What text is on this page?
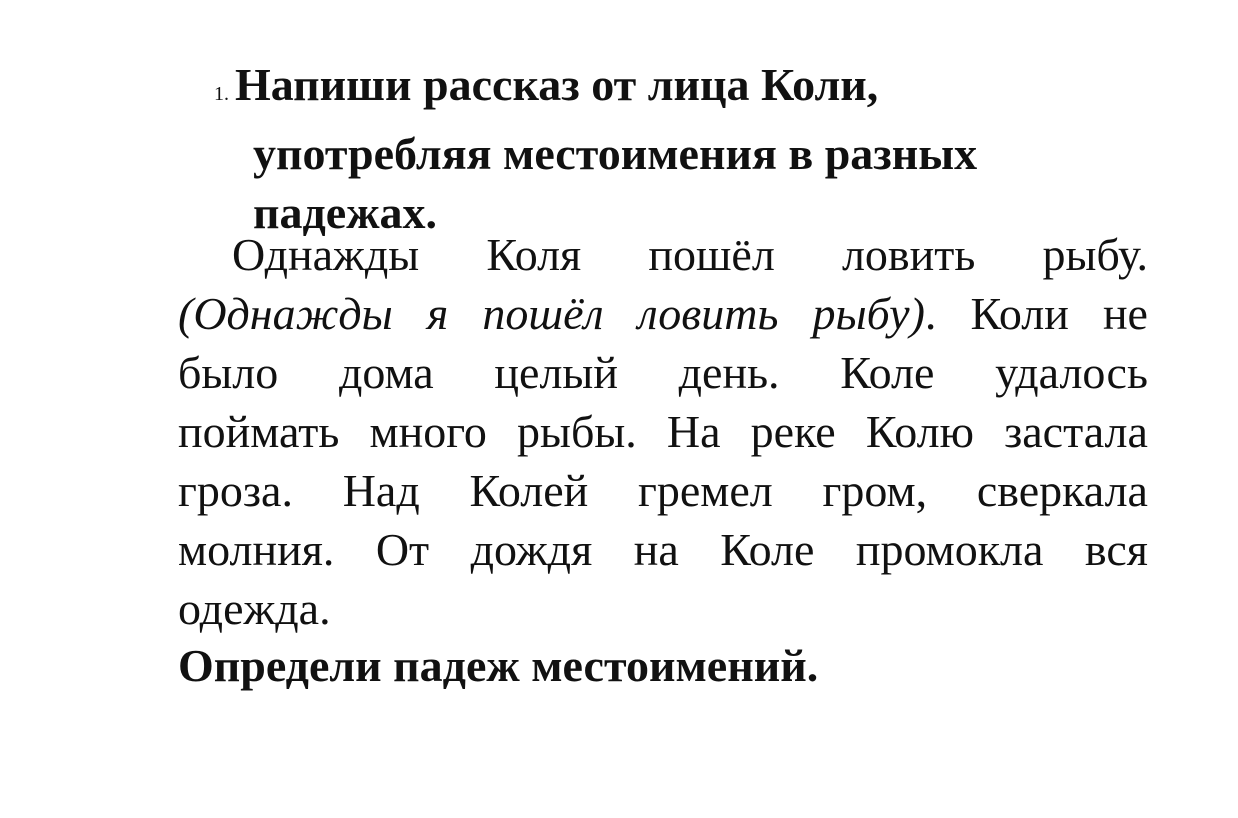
1. Напиши рассказ от лица Коли,
употребляя местоимения в разных
падежах.
Однажды Коля пошёл ловить рыбу.
(Однажды я пошёл ловить рыбу). Коли не
было дома целый день. Коле удалось
поймать много рыбы. На реке Колю застала
гроза. Над Колей гремел гром, сверкала
молния. От дождя на Коле промокла вся
одежда.
Определи падеж местоимений.
